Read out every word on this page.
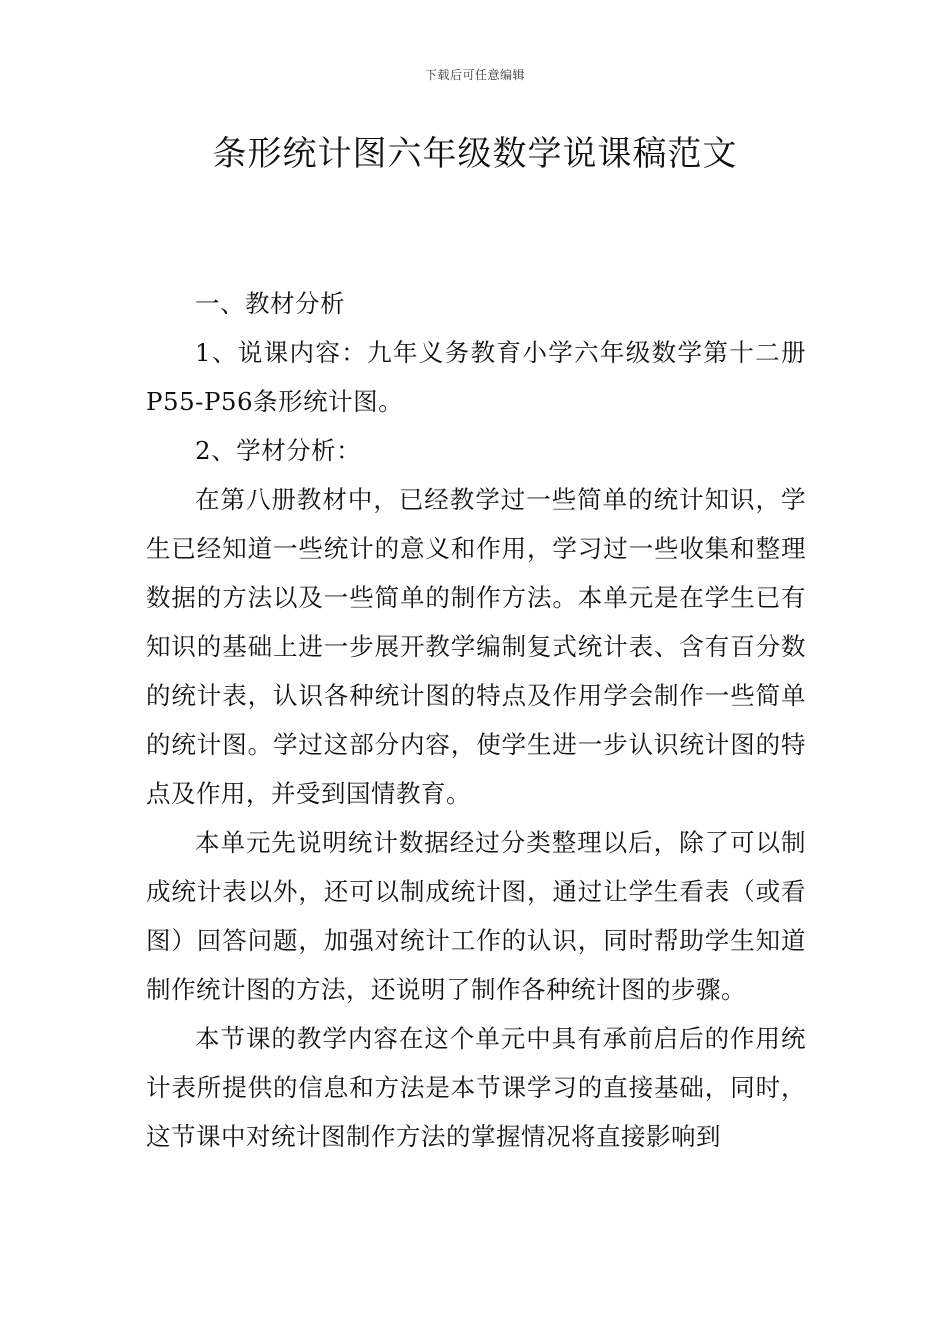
下载后可任意编辑
条形统计图六年级数学说课稿范文

一、教材分析

1、说课内容：九年义务教育小学六年级数学第十二册P55-P56条形统计图。

2、学材分析：

在第八册教材中，已经教学过一些简单的统计知识，学生已经知道一些统计的意义和作用，学习过一些收集和整理数据的方法以及一些简单的制作方法。本单元是在学生已有知识的基础上进一步展开教学编制复式统计表、含有百分数的统计表，认识各种统计图的特点及作用学会制作一些简单的统计图。学过这部分内容，使学生进一步认识统计图的特点及作用，并受到国情教育。

本单元先说明统计数据经过分类整理以后，除了可以制成统计表以外，还可以制成统计图，通过让学生看表（或看图）回答问题，加强对统计工作的认识，同时帮助学生知道制作统计图的方法，还说明了制作各种统计图的步骤。

本节课的教学内容在这个单元中具有承前启后的作用统计表所提供的信息和方法是本节课学习的直接基础，同时，这节课中对统计图制作方法的掌握情况将直接影响到
